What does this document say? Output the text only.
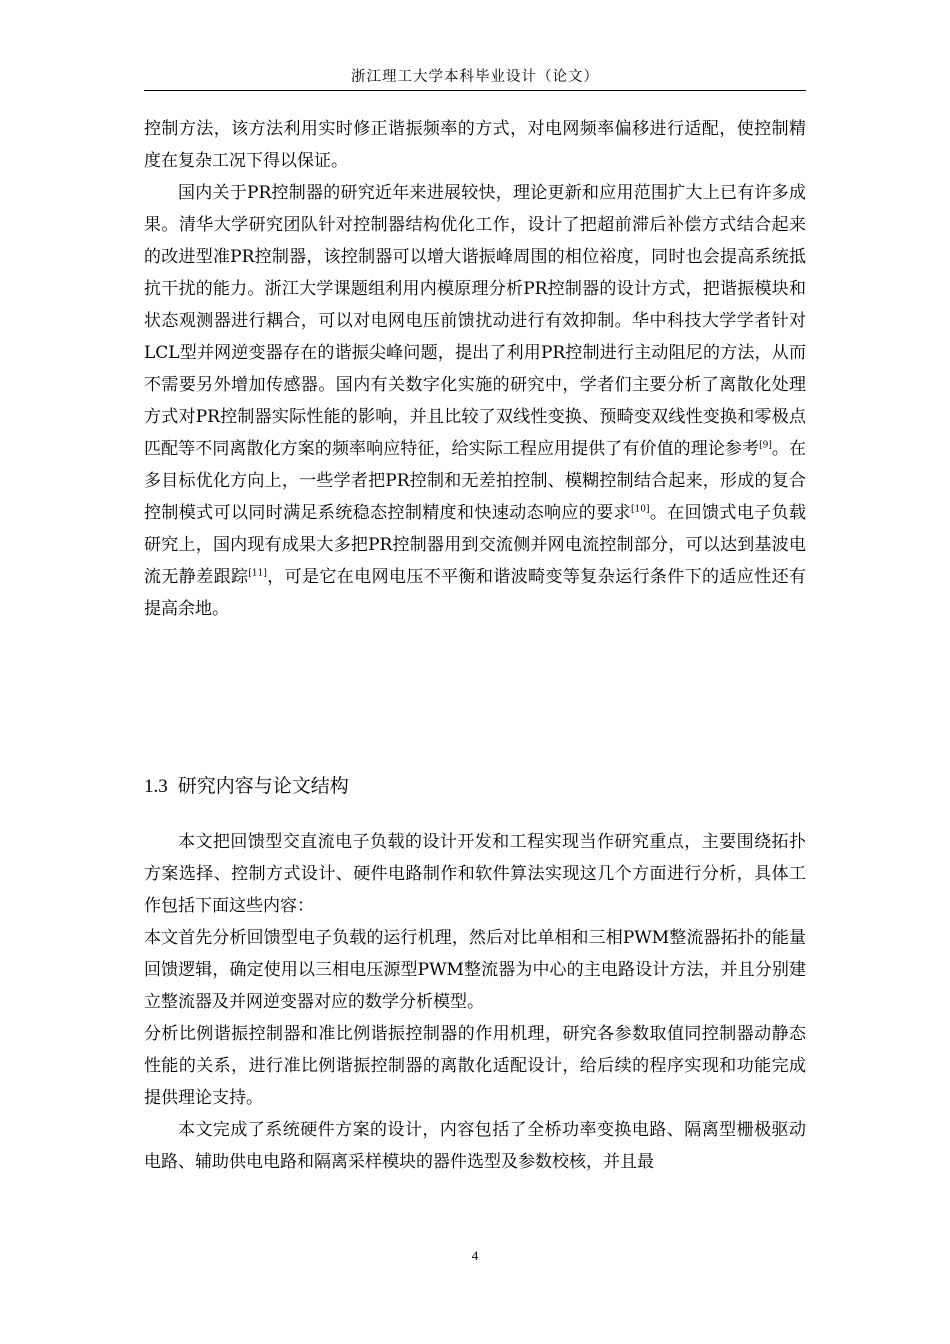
浙江理工大学本科毕业设计（论文）

控制方法，该方法利用实时修正谐振频率的方式，对电网频率偏移进行适配，使控制精度在复杂工况下得以保证。

国内关于PR控制器的研究近年来进展较快，理论更新和应用范围扩大上已有许多成果。清华大学研究团队针对控制器结构优化工作，设计了把超前滞后补偿方式结合起来的改进型准PR控制器，该控制器可以增大谐振峰周围的相位裕度，同时也会提高系统抵抗干扰的能力。浙江大学课题组利用内模原理分析PR控制器的设计方式，把谐振模块和状态观测器进行耦合，可以对电网电压前馈扰动进行有效抑制。华中科技大学学者针对LCL型并网逆变器存在的谐振尖峰问题，提出了利用PR控制进行主动阻尼的方法，从而不需要另外增加传感器。国内有关数字化实施的研究中，学者们主要分析了离散化处理方式对PR控制器实际性能的影响，并且比较了双线性变换、预畸变双线性变换和零极点匹配等不同离散化方案的频率响应特征，给实际工程应用提供了有价值的理论参考[9]。在多目标优化方向上，一些学者把PR控制和无差拍控制、模糊控制结合起来，形成的复合控制模式可以同时满足系统稳态控制精度和快速动态响应的要求[10]。在回馈式电子负载研究上，国内现有成果大多把PR控制器用到交流侧并网电流控制部分，可以达到基波电流无静差跟踪[11]，可是它在电网电压不平衡和谐波畸变等复杂运行条件下的适应性还有提高余地。

1.3 研究内容与论文结构

本文把回馈型交直流电子负载的设计开发和工程实现当作研究重点，主要围绕拓扑方案选择、控制方式设计、硬件电路制作和软件算法实现这几个方面进行分析，具体工作包括下面这些内容：

本文首先分析回馈型电子负载的运行机理，然后对比单相和三相PWM整流器拓扑的能量回馈逻辑，确定使用以三相电压源型PWM整流器为中心的主电路设计方法，并且分别建立整流器及并网逆变器对应的数学分析模型。

分析比例谐振控制器和准比例谐振控制器的作用机理，研究各参数取值同控制器动静态性能的关系，进行准比例谐振控制器的离散化适配设计，给后续的程序实现和功能完成提供理论支持。

本文完成了系统硬件方案的设计，内容包括了全桥功率变换电路、隔离型栅极驱动电路、辅助供电电路和隔离采样模块的器件选型及参数校核，并且最

4
